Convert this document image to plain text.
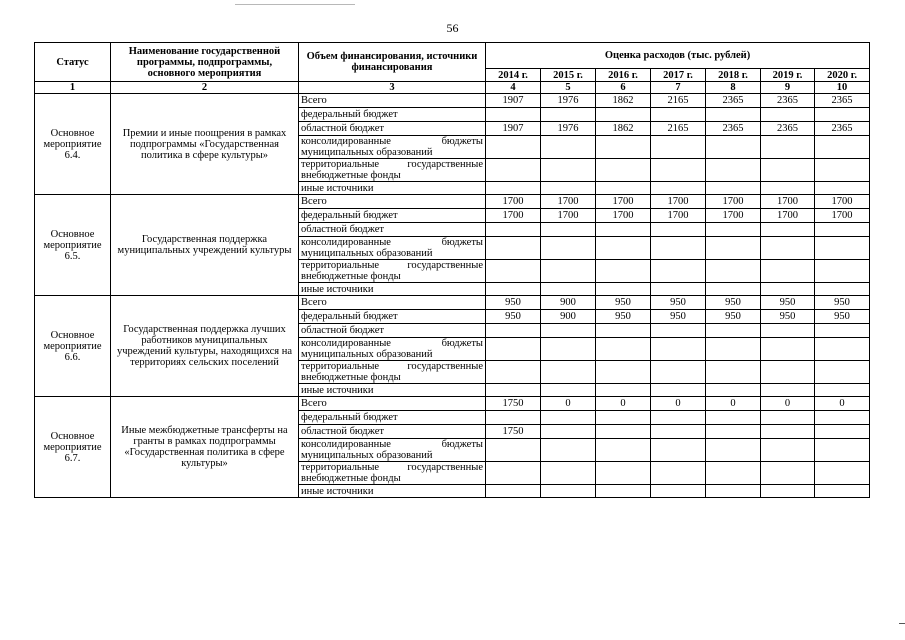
56
Статус	Наименование государственной программы, подпрограммы, основного мероприятия	Объем финансирования, источники финансирования	Оценка расходов (тыс. рублей)						
			2014 г.	2015 г.	2016 г.	2017 г.	2018 г.	2019 г.	2020 г.
1	2	3	4	5	6	7	8	9	10
Основное мероприятие 6.4.	Премии и иные поощрения в рамках подпрограммы «Государственная политика в сфере культуры»	Всего	1907	1976	1862	2165	2365	2365	2365
		федеральный бюджет							
		областной бюджет	1907	1976	1862	2165	2365	2365	2365
		консолидированные бюджеты муниципальных образований							
		территориальные государственные внебюджетные фонды							
		иные источники							
Основное мероприятие 6.5.	Государственная поддержка муниципальных учреждений культуры	Всего	1700	1700	1700	1700	1700	1700	1700
		федеральный бюджет	1700	1700	1700	1700	1700	1700	1700
		областной бюджет							
		консолидированные бюджеты муниципальных образований							
		территориальные государственные внебюджетные фонды							
		иные источники							
Основное мероприятие 6.6.	Государственная поддержка лучших работников муниципальных учреждений культуры, находящихся на территориях сельских поселений	Всего	950	900	950	950	950	950	950
		федеральный бюджет	950	900	950	950	950	950	950
		областной бюджет							
		консолидированные бюджеты муниципальных образований							
		территориальные государственные внебюджетные фонды							
		иные источники							
Основное мероприятие 6.7.	Иные межбюджетные трансферты на гранты в рамках подпрограммы «Государственная политика в сфере культуры»	Всего	1750	0	0	0	0	0	0
		федеральный бюджет							
		областной бюджет	1750						
		консолидированные бюджеты муниципальных образований							
		территориальные государственные внебюджетные фонды							
		иные источники							
